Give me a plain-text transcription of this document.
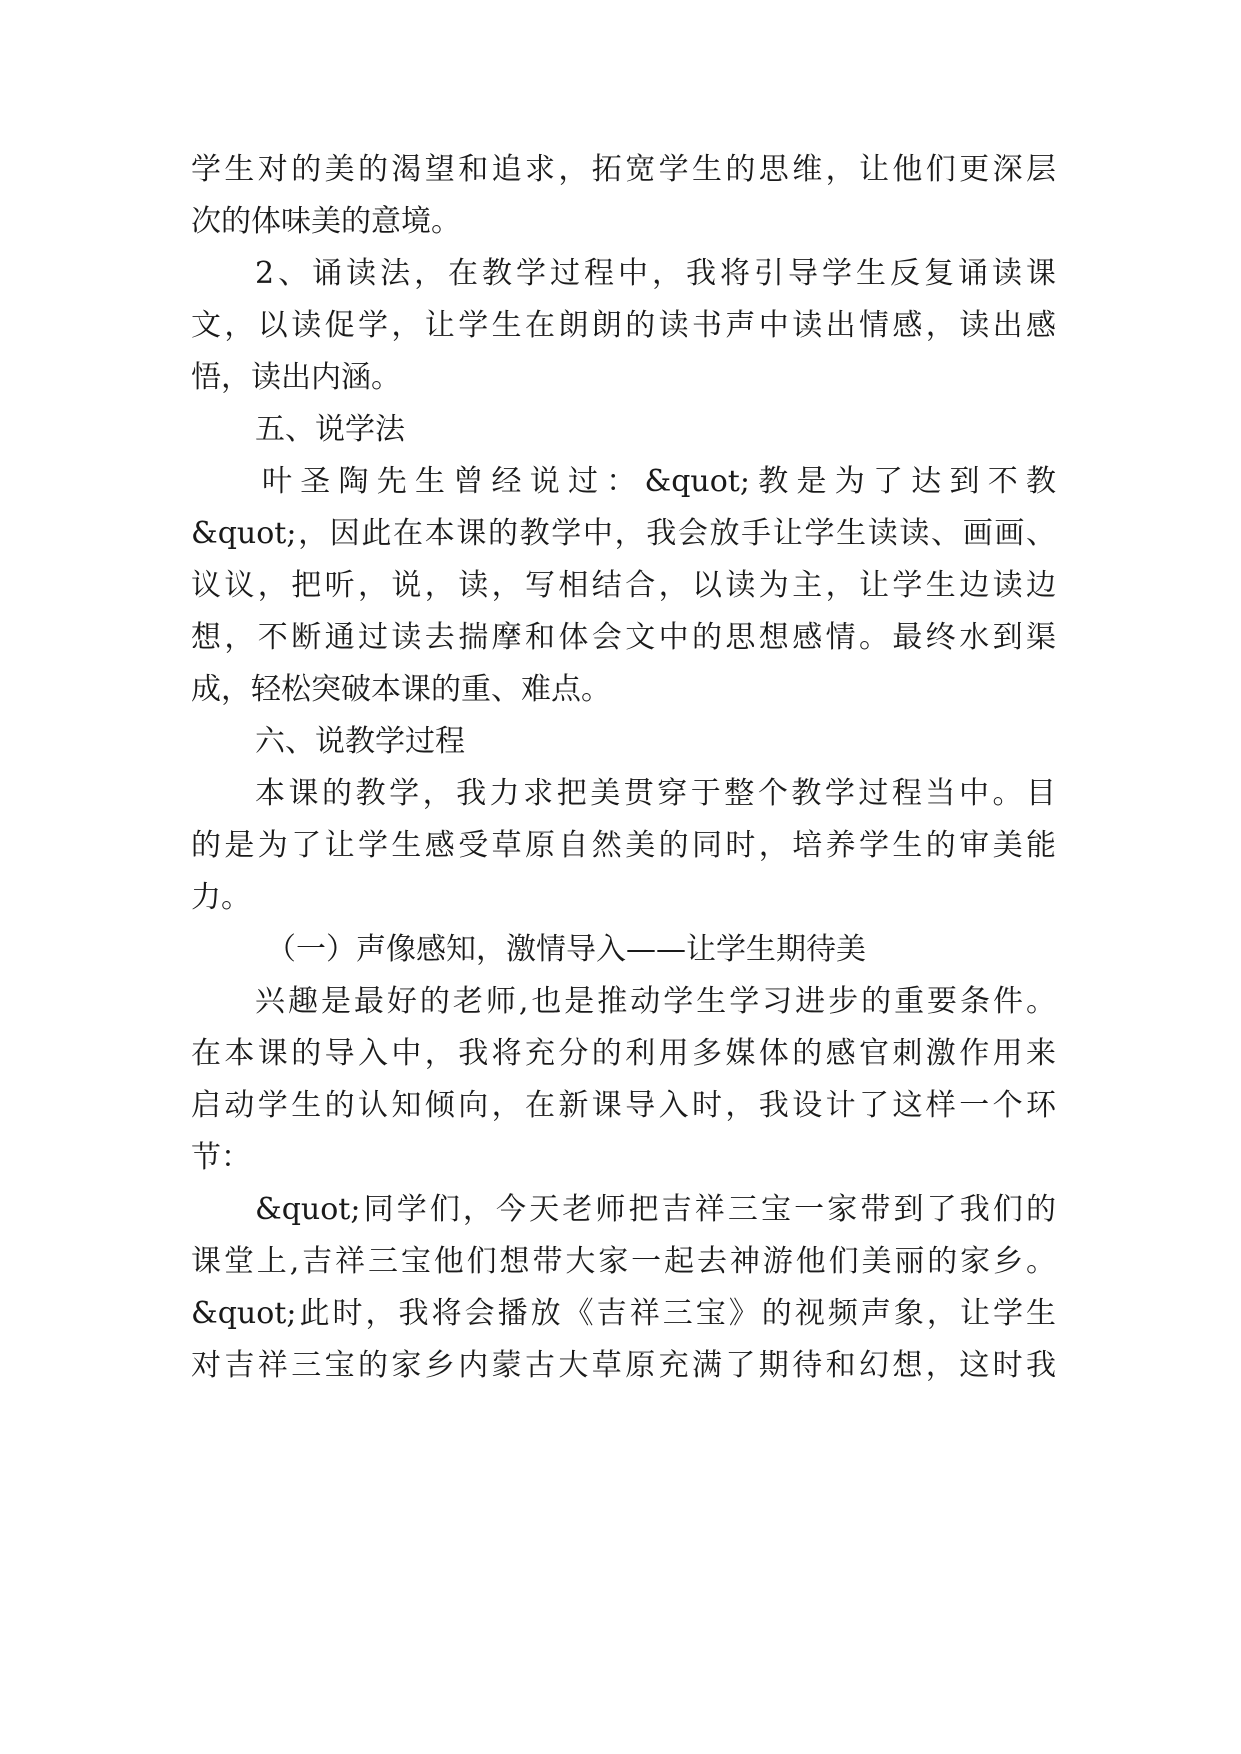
学生对的美的渴望和追求，拓宽学生的思维，让他们更深层
次的体味美的意境。
2、诵读法，在教学过程中，我将引导学生反复诵读课
文，以读促学，让学生在朗朗的读书声中读出情感，读出感
悟，读出内涵。
五、说学法
叶圣陶先生曾经说过：&quot;教是为了达到不教
&quot;，因此在本课的教学中，我会放手让学生读读、画画、
议议，把听，说，读，写相结合，以读为主，让学生边读边
想，不断通过读去揣摩和体会文中的思想感情。最终水到渠
成，轻松突破本课的重、难点。
六、说教学过程
本课的教学，我力求把美贯穿于整个教学过程当中。目
的是为了让学生感受草原自然美的同时，培养学生的审美能
力。
（一）声像感知，激情导入——让学生期待美
兴趣是最好的老师,也是推动学生学习进步的重要条件。
在本课的导入中，我将充分的利用多媒体的感官刺激作用来
启动学生的认知倾向，在新课导入时，我设计了这样一个环
节：
&quot;同学们，今天老师把吉祥三宝一家带到了我们的
课堂上,吉祥三宝他们想带大家一起去神游他们美丽的家乡。
&quot;此时，我将会播放《吉祥三宝》的视频声象，让学生
对吉祥三宝的家乡内蒙古大草原充满了期待和幻想，这时我
